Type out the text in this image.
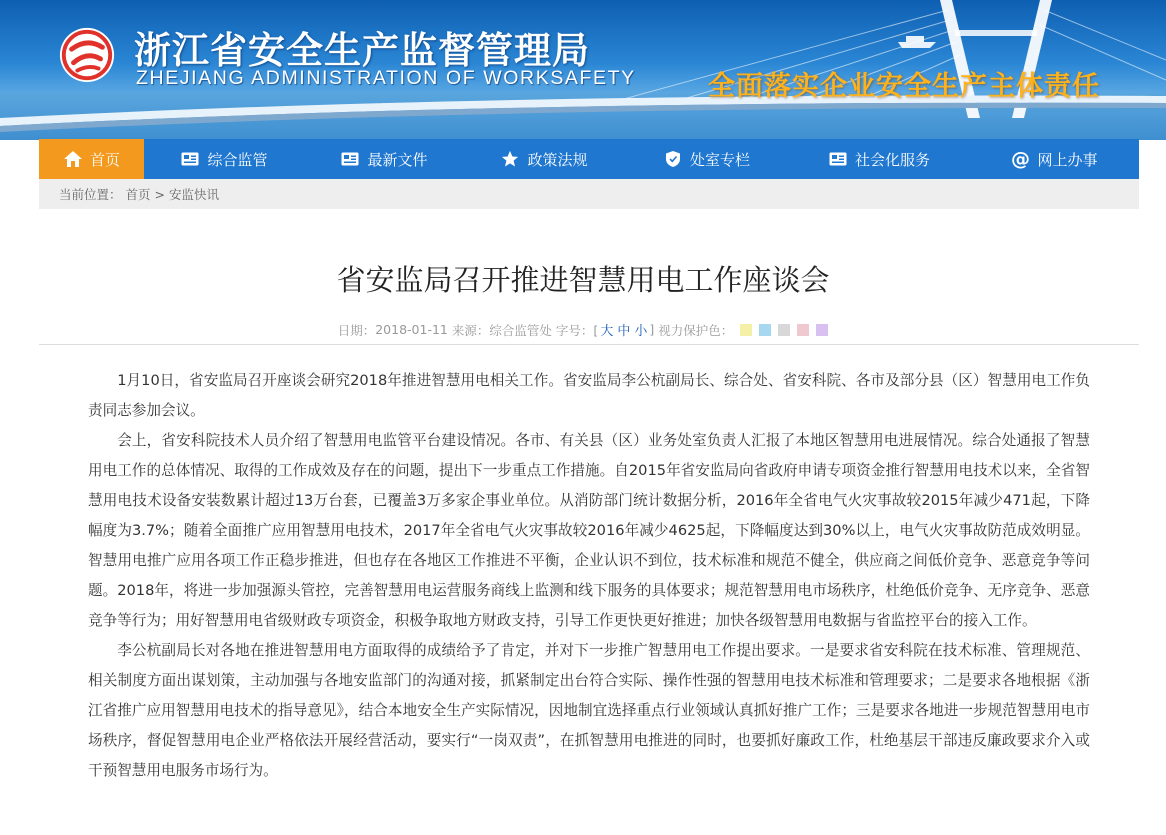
浙江省安全生产监督管理局
ZHEJIANG ADMINISTRATION OF WORKSAFETY	全面落实企业安全生产主体责任
首页	综合监管	最新文件	政策法规	处室专栏	社会化服务	@ 网上办事
当前位置： 首页 > 安监快讯
省安监局召开推进智慧用电工作座谈会
日期： 2018-01-11 来源： 综合监管处 字号：[ 大 中 小 ] 视力保护色：

1月10日，省安监局召开座谈会研究2018年推进智慧用电相关工作。省安监局李公杭副局长、综合处、省安科院、各市及部分县（区）智慧用电工作负责同志参加会议。

会上，省安科院技术人员介绍了智慧用电监管平台建设情况。各市、有关县（区）业务处室负责人汇报了本地区智慧用电进展情况。综合处通报了智慧用电工作的总体情况、取得的工作成效及存在的问题，提出下一步重点工作措施。自2015年省安监局向省政府申请专项资金推行智慧用电技术以来，全省智慧用电技术设备安装数累计超过13万台套，已覆盖3万多家企事业单位。从消防部门统计数据分析，2016年全省电气火灾事故较2015年减少471起，下降幅度为3.7%；随着全面推广应用智慧用电技术，2017年全省电气火灾事故较2016年减少4625起，下降幅度达到30%以上，电气火灾事故防范成效明显。智慧用电推广应用各项工作正稳步推进，但也存在各地区工作推进不平衡，企业认识不到位，技术标准和规范不健全，供应商之间低价竞争、恶意竞争等问题。2018年，将进一步加强源头管控，完善智慧用电运营服务商线上监测和线下服务的具体要求；规范智慧用电市场秩序，杜绝低价竞争、无序竞争、恶意竞争等行为；用好智慧用电省级财政专项资金，积极争取地方财政支持，引导工作更快更好推进；加快各级智慧用电数据与省监控平台的接入工作。

李公杭副局长对各地在推进智慧用电方面取得的成绩给予了肯定，并对下一步推广智慧用电工作提出要求。一是要求省安科院在技术标准、管理规范、相关制度方面出谋划策，主动加强与各地安监部门的沟通对接，抓紧制定出台符合实际、操作性强的智慧用电技术标准和管理要求；二是要求各地根据《浙江省推广应用智慧用电技术的指导意见》，结合本地安全生产实际情况，因地制宜选择重点行业领域认真抓好推广工作；三是要求各地进一步规范智慧用电市场秩序，督促智慧用电企业严格依法开展经营活动，要实行“一岗双责”，在抓智慧用电推进的同时，也要抓好廉政工作，杜绝基层干部违反廉政要求介入或干预智慧用电服务市场行为。
